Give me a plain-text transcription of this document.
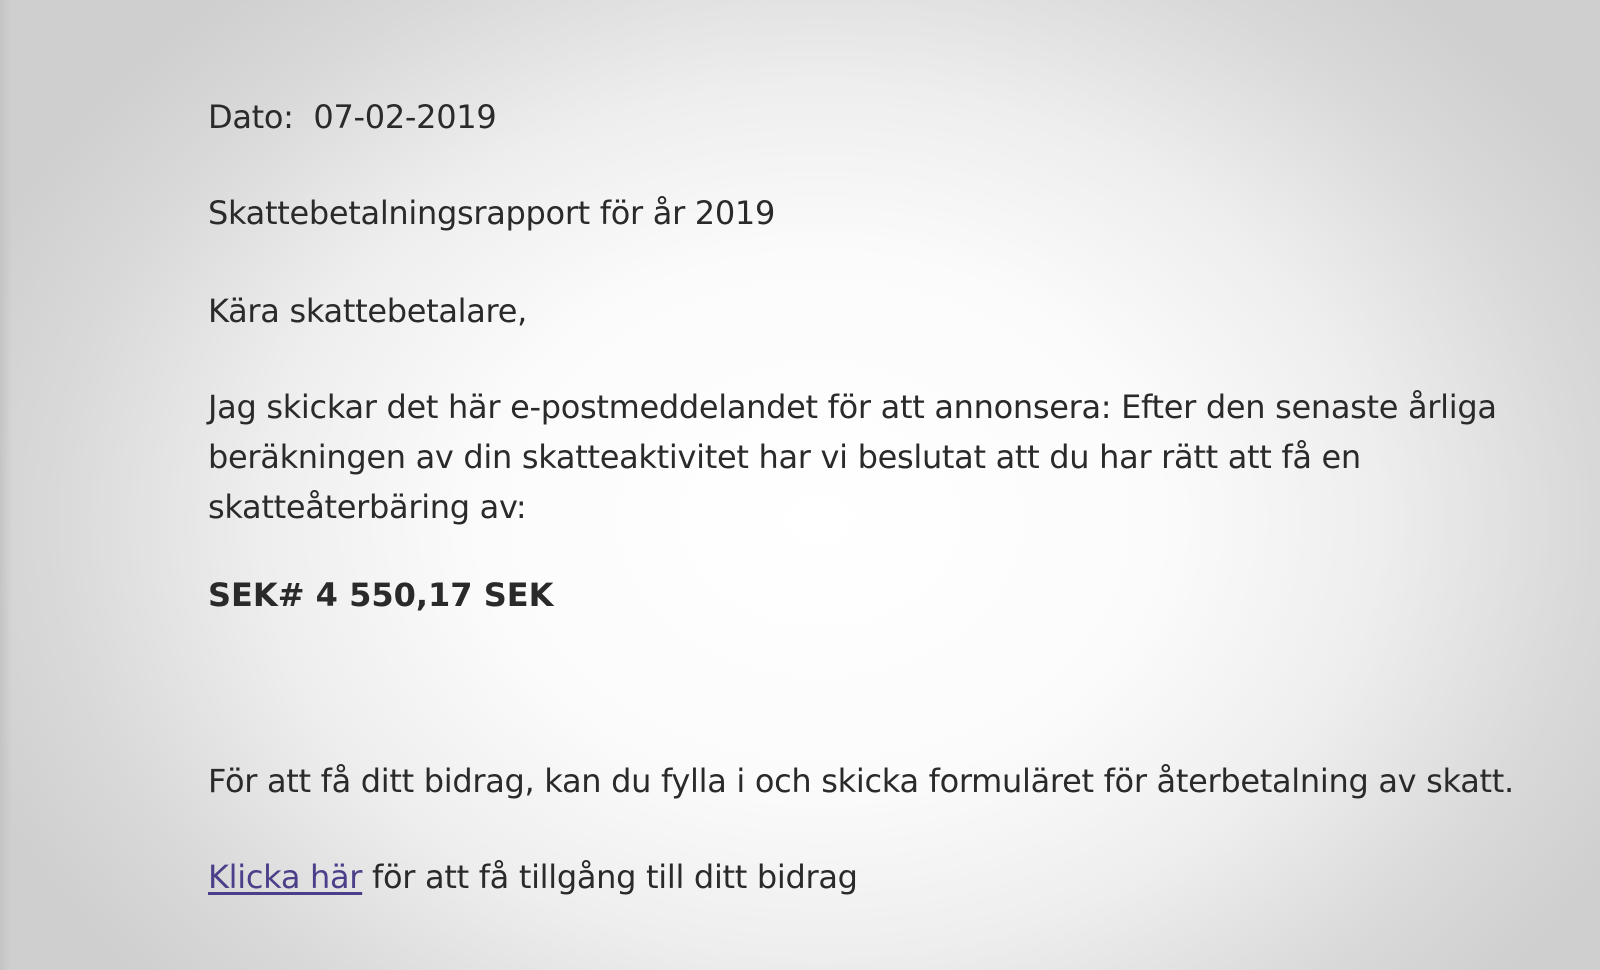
Dato: 07-02-2019

Skattebetalningsrapport för år 2019

Kära skattebetalare,

Jag skickar det här e-postmeddelandet för att annonsera: Efter den senaste årliga
beräkningen av din skatteaktivitet har vi beslutat att du har rätt att få en
skatteåterbäring av:

SEK# 4 550,17 SEK

För att få ditt bidrag, kan du fylla i och skicka formuläret för återbetalning av skatt.

Klicka här för att få tillgång till ditt bidrag
